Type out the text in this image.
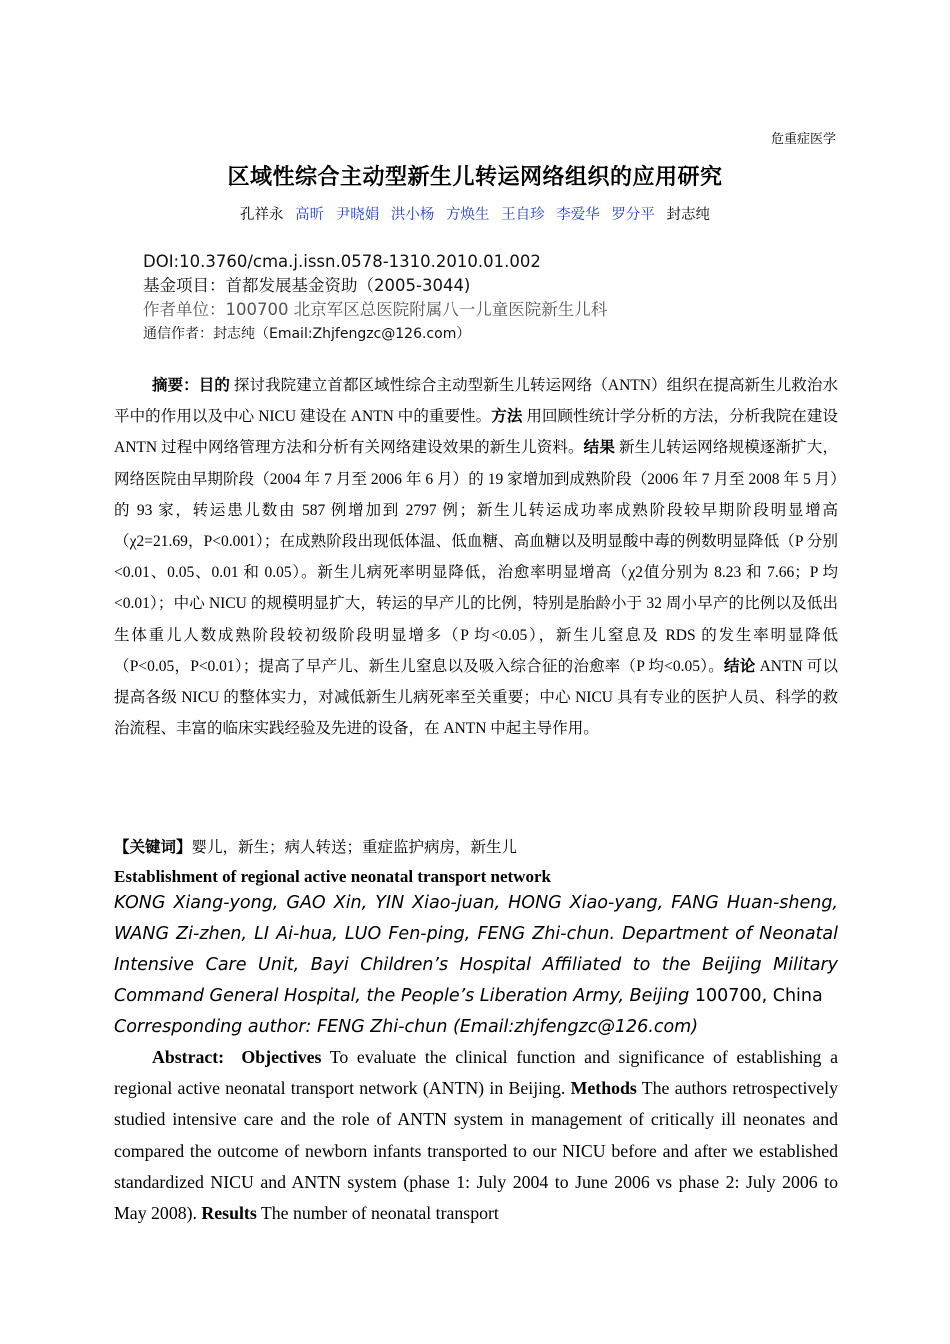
危重症医学
区域性综合主动型新生儿转运网络组织的应用研究
孔祥永 高昕 尹晓娟 洪小杨 方焕生 王自珍 李爱华 罗分平 封志纯
DOI:10.3760/cma.j.issn.0578-1310.2010.01.002
基金项目：首都发展基金资助（2005-3044)
作者单位：100700 北京军区总医院附属八一儿童医院新生儿科
通信作者：封志纯（Email:Zhjfengzc@126.com）

摘要：目的 探讨我院建立首都区域性综合主动型新生儿转运网络（ANTN）组织在提高新生儿救治水平中的作用以及中心 NICU 建设在 ANTN 中的重要性。方法 用回顾性统计学分析的方法，分析我院在建设 ANTN 过程中网络管理方法和分析有关网络建设效果的新生儿资料。结果 新生儿转运网络规模逐渐扩大，网络医院由早期阶段（2004 年 7 月至 2006 年 6 月）的 19 家增加到成熟阶段（2006 年 7 月至 2008 年 5 月）的 93 家，转运患儿数由 587 例增加到 2797 例；新生儿转运成功率成熟阶段较早期阶段明显增高（χ2=21.69，P<0.001）；在成熟阶段出现低体温、低血糖、高血糖以及明显酸中毒的例数明显降低（P 分别<0.01、0.05、0.01 和 0.05）。新生儿病死率明显降低，治愈率明显增高（χ2值分别为 8.23 和 7.66；P 均<0.01）；中心 NICU 的规模明显扩大，转运的早产儿的比例，特别是胎龄小于 32 周小早产的比例以及低出生体重儿人数成熟阶段较初级阶段明显增多（P 均<0.05），新生儿窒息及 RDS 的发生率明显降低（P<0.05，P<0.01）；提高了早产儿、新生儿窒息以及吸入综合征的治愈率（P 均<0.05）。结论 ANTN 可以提高各级 NICU 的整体实力，对减低新生儿病死率至关重要；中心 NICU 具有专业的医护人员、科学的救治流程、丰富的临床实践经验及先进的设备，在 ANTN 中起主导作用。

【关键词】婴儿，新生；病人转送；重症监护病房，新生儿
Establishment of regional active neonatal transport network
KONG Xiang-yong, GAO Xin, YIN Xiao-juan, HONG Xiao-yang, FANG Huan-sheng, WANG Zi-zhen, LI Ai-hua, LUO Fen-ping, FENG Zhi-chun. Department of Neonatal Intensive Care Unit, Bayi Children’s Hospital Affiliated to the Beijing Military Command General Hospital, the People’s Liberation Army, Beijing 100700, China
Corresponding author: FENG Zhi-chun (Email:zhjfengzc@126.com)

Abstract: Objectives To evaluate the clinical function and significance of establishing a regional active neonatal transport network (ANTN) in Beijing. Methods The authors retrospectively studied intensive care and the role of ANTN system in management of critically ill neonates and compared the outcome of newborn infants transported to our NICU before and after we established standardized NICU and ANTN system (phase 1: July 2004 to June 2006 vs phase 2: July 2006 to May 2008). Results The number of neonatal transport
